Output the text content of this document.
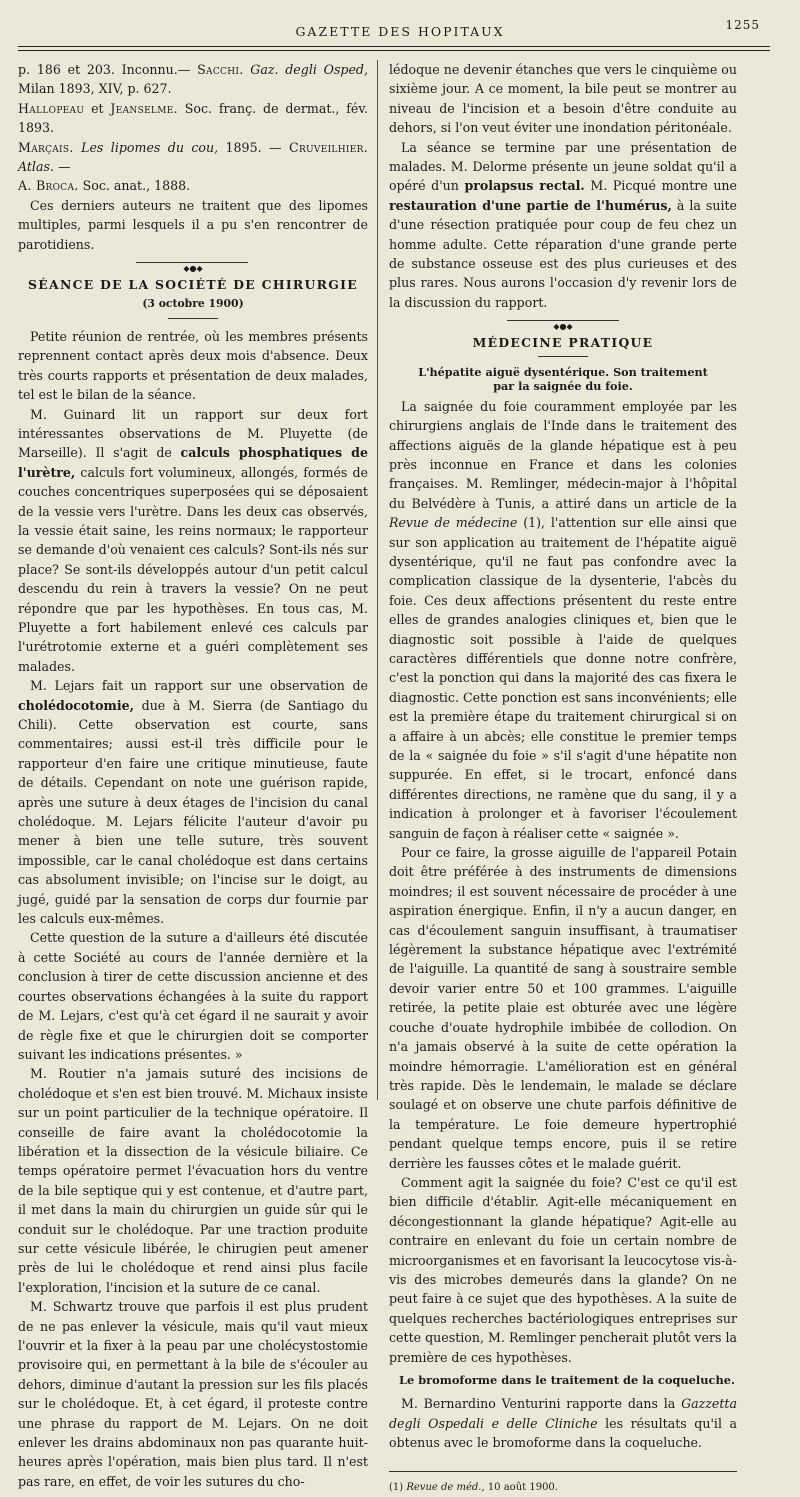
GAZETTE DES HOPITAUX	1255

p. 186 et 203. Inconnu.— Sacchi. Gaz. degli Osped, Milan 1893, XIV, p. 627.

Hallopeau et Jeanselme. Soc. franç. de dermat., fév. 1893.

Marçais. Les lipomes du cou, 1895. — Cruveilhier. Atlas. —

A. Broca. Soc. anat., 1888.

Ces derniers auteurs ne traitent que des lipomes multiples, parmi lesquels il a pu s'en rencontrer de parotidiens.

◆●◆
SÉANCE DE LA SOCIÉTÉ DE CHIRURGIE
(3 octobre 1900)

Petite réunion de rentrée, où les membres présents reprennent contact après deux mois d'absence. Deux très courts rapports et présentation de deux malades, tel est le bilan de la séance.

M. Guinard lit un rapport sur deux fort intéressantes observations de M. Pluyette (de Marseille). Il s'agit de calculs phosphatiques de l'urètre, calculs fort volumineux, allongés, formés de couches concentriques superposées qui se déposaient de la vessie vers l'urètre. Dans les deux cas observés, la vessie était saine, les reins normaux; le rapporteur se demande d'où venaient ces calculs? Sont-ils nés sur place? Se sont-ils développés autour d'un petit calcul descendu du rein à travers la vessie? On ne peut répondre que par les hypothèses. En tous cas, M. Pluyette a fort habilement enlevé ces calculs par l'urétrotomie externe et a guéri complètement ses malades.

M. Lejars fait un rapport sur une observation de cholédocotomie, due à M. Sierra (de Santiago du Chili). Cette observation est courte, sans commentaires; aussi est-il très difficile pour le rapporteur d'en faire une critique minutieuse, faute de détails. Cependant on note une guérison rapide, après une suture à deux étages de l'incision du canal cholédoque. M. Lejars félicite l'auteur d'avoir pu mener à bien une telle suture, très souvent impossible, car le canal cholédoque est dans certains cas absolument invisible; on l'incise sur le doigt, au jugé, guidé par la sensation de corps dur fournie par les calculs eux-mêmes.

Cette question de la suture a d'ailleurs été discutée à cette Société au cours de l'année dernière et la conclusion à tirer de cette discussion ancienne et des courtes observations échangées à la suite du rapport de M. Lejars, c'est qu'à cet égard il ne saurait y avoir de règle fixe et que le chirurgien doit se comporter suivant les indications présentes. »

M. Routier n'a jamais suturé des incisions de cholédoque et s'en est bien trouvé. M. Michaux insiste sur un point particulier de la technique opératoire. Il conseille de faire avant la cholédocotomie la libération et la dissection de la vésicule biliaire. Ce temps opératoire permet l'évacuation hors du ventre de la bile septique qui y est contenue, et d'autre part, il met dans la main du chirurgien un guide sûr qui le conduit sur le cholédoque. Par une traction produite sur cette vésicule libérée, le chirugien peut amener près de lui le cholédoque et rend ainsi plus facile l'exploration, l'incision et la suture de ce canal.

M. Schwartz trouve que parfois il est plus prudent de ne pas enlever la vésicule, mais qu'il vaut mieux l'ouvrir et la fixer à la peau par une cholécystostomie provisoire qui, en permettant à la bile de s'écouler au dehors, diminue d'autant la pression sur les fils placés sur le cholédoque. Et, à cet égard, il proteste contre une phrase du rapport de M. Lejars. On ne doit enlever les drains abdominaux non pas quarante huit-heures après l'opération, mais bien plus tard. Il n'est pas rare, en effet, de voir les sutures du cho-

lédoque ne devenir étanches que vers le cinquième ou sixième jour. A ce moment, la bile peut se montrer au niveau de l'incision et a besoin d'être conduite au dehors, si l'on veut éviter une inondation péritonéale.

La séance se termine par une présentation de malades. M. Delorme présente un jeune soldat qu'il a opéré d'un prolapsus rectal. M. Picqué montre une restauration d'une partie de l'humérus, à la suite d'une résection pratiquée pour coup de feu chez un homme adulte. Cette réparation d'une grande perte de substance osseuse est des plus curieuses et des plus rares. Nous aurons l'occasion d'y revenir lors de la discussion du rapport.

◆●◆
MÉDECINE PRATIQUE
L'hépatite aiguë dysentérique. Son traitement
par la saignée du foie.

La saignée du foie couramment employée par les chirurgiens anglais de l'Inde dans le traitement des affections aiguës de la glande hépatique est à peu près inconnue en France et dans les colonies françaises. M. Remlinger, médecin-major à l'hôpital du Belvédère à Tunis, a attiré dans un article de la Revue de médecine (1), l'attention sur elle ainsi que sur son application au traitement de l'hépatite aiguë dysentérique, qu'il ne faut pas confondre avec la complication classique de la dysenterie, l'abcès du foie. Ces deux affections présentent du reste entre elles de grandes analogies cliniques et, bien que le diagnostic soit possible à l'aide de quelques caractères différentiels que donne notre confrère, c'est la ponction qui dans la majorité des cas fixera le diagnostic. Cette ponction est sans inconvénients; elle est la première étape du traitement chirurgical si on a affaire à un abcès; elle constitue le premier temps de la « saignée du foie » s'il s'agit d'une hépatite non suppurée. En effet, si le trocart, enfoncé dans différentes directions, ne ramène que du sang, il y a indication à prolonger et à favoriser l'écoulement sanguin de façon à réaliser cette « saignée ».

Pour ce faire, la grosse aiguille de l'appareil Potain doit être préférée à des instruments de dimensions moindres; il est souvent nécessaire de procéder à une aspiration énergique. Enfin, il n'y a aucun danger, en cas d'écoulement sanguin insuffisant, à traumatiser légèrement la substance hépatique avec l'extrémité de l'aiguille. La quantité de sang à soustraire semble devoir varier entre 50 et 100 grammes. L'aiguille retirée, la petite plaie est obturée avec une légère couche d'ouate hydrophile imbibée de collodion. On n'a jamais observé à la suite de cette opération la moindre hémorragie. L'amélioration est en général très rapide. Dès le lendemain, le malade se déclare soulagé et on observe une chute parfois définitive de la température. Le foie demeure hypertrophié pendant quelque temps encore, puis il se retire derrière les fausses côtes et le malade guérit.

Comment agit la saignée du foie? C'est ce qu'il est bien difficile d'établir. Agit-elle mécaniquement en décongestionnant la glande hépatique? Agit-elle au contraire en enlevant du foie un certain nombre de microorganismes et en favorisant la leucocytose vis-à-vis des microbes demeurés dans la glande? On ne peut faire à ce sujet que des hypothèses. A la suite de quelques recherches bactériologiques entreprises sur cette question, M. Remlinger pencherait plutôt vers la première de ces hypothèses.

Le bromoforme dans le traitement de la coqueluche.

M. Bernardino Venturini rapporte dans la Gazzetta degli Ospedali e delle Cliniche les résultats qu'il a obtenus avec le bromoforme dans la coqueluche.

(1) Revue de méd., 10 août 1900.
